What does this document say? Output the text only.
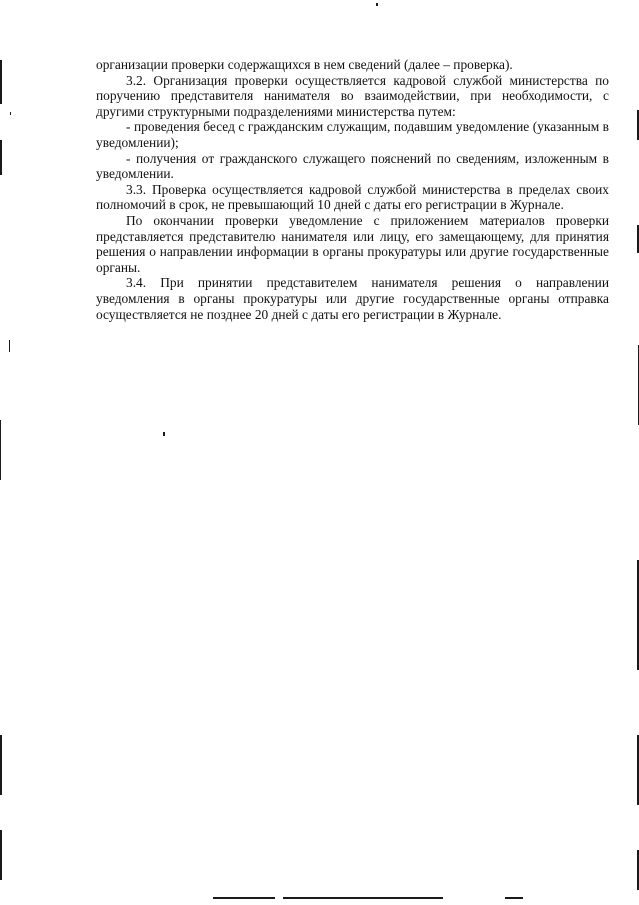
организации проверки содержащихся в нем сведений (далее – проверка).

3.2. Организация проверки осуществляется кадровой службой министерства по поручению представителя нанимателя во взаимодействии, при необходимости, с другими структурными подразделениями министерства путем:

- проведения бесед с гражданским служащим, подавшим уведомление (указанным в уведомлении);

- получения от гражданского служащего пояснений по сведениям, изложенным в уведомлении.

3.3. Проверка осуществляется кадровой службой министерства в пределах своих полномочий в срок, не превышающий 10 дней с даты его регистрации в Журнале.

По окончании проверки уведомление с приложением материалов проверки представляется представителю нанимателя или лицу, его замещающему, для принятия решения о направлении информации в органы прокуратуры или другие государственные органы.

3.4. При принятии представителем нанимателя решения о направлении уведомления в органы прокуратуры или другие государственные органы отправка осуществляется не позднее 20 дней с даты его регистрации в Журнале.
